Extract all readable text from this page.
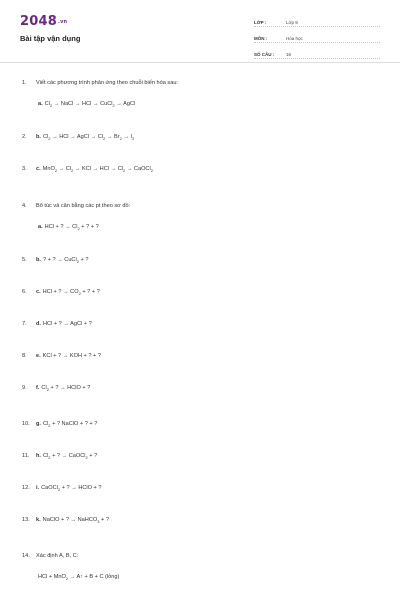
2048.vn
Bài tập vận dụng
LỚP :	Lớp 9
MÔN :	Hóa học
SỐ CÂU :	16
1.	Viết các phương trình phản ứng theo chuỗi biến hóa sau:
a. $Cl_2$ → NaCl → HCl → CuCl$_2$ → AgCl
2.	b. $Cl_2$ → HCl → AgCl → $Cl_2 \to Br_2 \to I_2$
3.	c. $MnO_2 \to Cl_2$ → KCl → HCl → $Cl_2$ → CaOCl$_2$
4.	Bổ túc và cân bằng các pt theo sơ đồ:
a. HCl + ? → $Cl_2$ + ? + ?
5.	b. ? + ? → CuCl$_2$ + ?
6.	c. HCl + ? → $CO_2$ + ? + ?
7.	d. HCl + ? → AgCl + ?
8.	e. KCl + ? → KOH + ? + ?
9.	f. $Cl_2$ + ? → HClO + ?
10.	g. $Cl_2$ + ? NaClO + ? + ?
11.	h. $Cl_2$ + ? → CaOCl$_2$ + ?
12.	i. CaOCl$_2$ + ? → HClO + ?
13.	k. NaClO + ? → NaHCO$_3$ + ?
14.	Xác định A, B, C:
HCl + MnO$_2$ → A↑ + B + C (lỏng)
